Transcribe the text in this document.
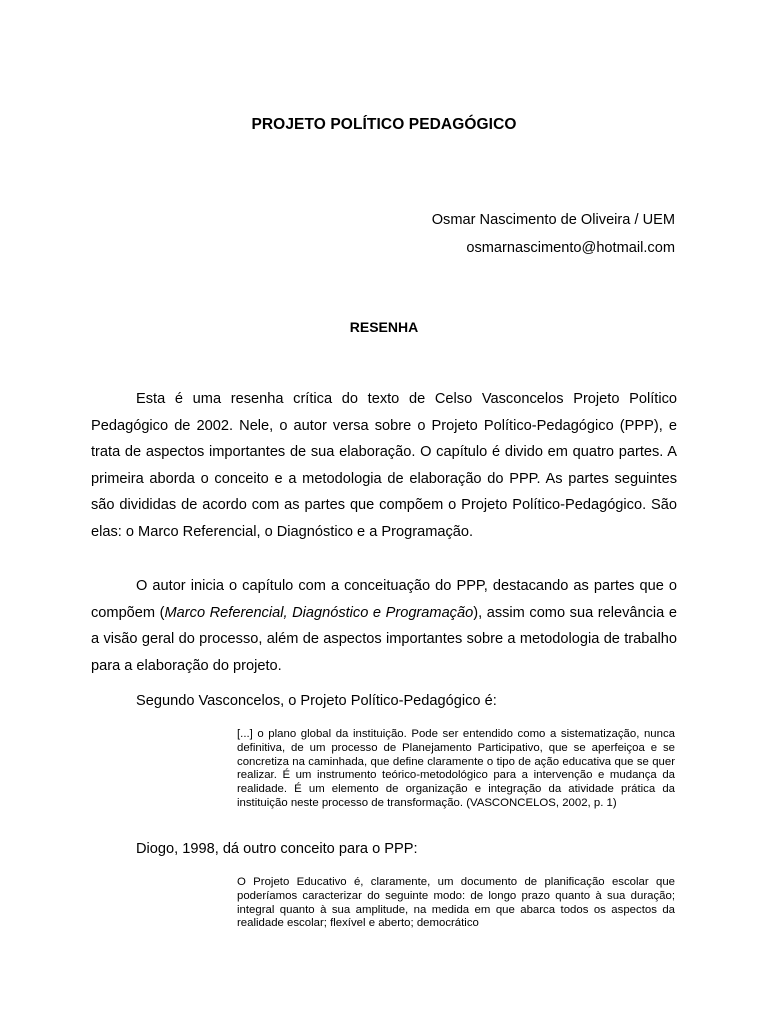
PROJETO POLÍTICO PEDAGÓGICO
Osmar Nascimento de Oliveira / UEM
osmarnascimento@hotmail.com
RESENHA

Esta é uma resenha crítica do texto de Celso Vasconcelos Projeto Político Pedagógico de 2002. Nele, o autor versa sobre o Projeto Político-Pedagógico (PPP), e trata de aspectos importantes de sua elaboração. O capítulo é divido em quatro partes. A primeira aborda o conceito e a metodologia de elaboração do PPP. As partes seguintes são divididas de acordo com as partes que compõem o Projeto Político-Pedagógico. São elas: o Marco Referencial, o Diagnóstico e a Programação.

O autor inicia o capítulo com a conceituação do PPP, destacando as partes que o compõem (Marco Referencial, Diagnóstico e Programação), assim como sua relevância e a visão geral do processo, além de aspectos importantes sobre a metodologia de trabalho para a elaboração do projeto.

Segundo Vasconcelos, o Projeto Político-Pedagógico é:

[...] o plano global da instituição. Pode ser entendido como a sistematização, nunca definitiva, de um processo de Planejamento Participativo, que se aperfeiçoa e se concretiza na caminhada, que define claramente o tipo de ação educativa que se quer realizar. É um instrumento teórico-metodológico para a intervenção e mudança da realidade. É um elemento de organização e integração da atividade prática da instituição neste processo de transformação. (VASCONCELOS, 2002, p. 1)

Diogo, 1998, dá outro conceito para o PPP:

O Projeto Educativo é, claramente, um documento de planificação escolar que poderíamos caracterizar do seguinte modo: de longo prazo quanto à sua duração; integral quanto à sua amplitude, na medida em que abarca todos os aspectos da realidade escolar; flexível e aberto; democrático
